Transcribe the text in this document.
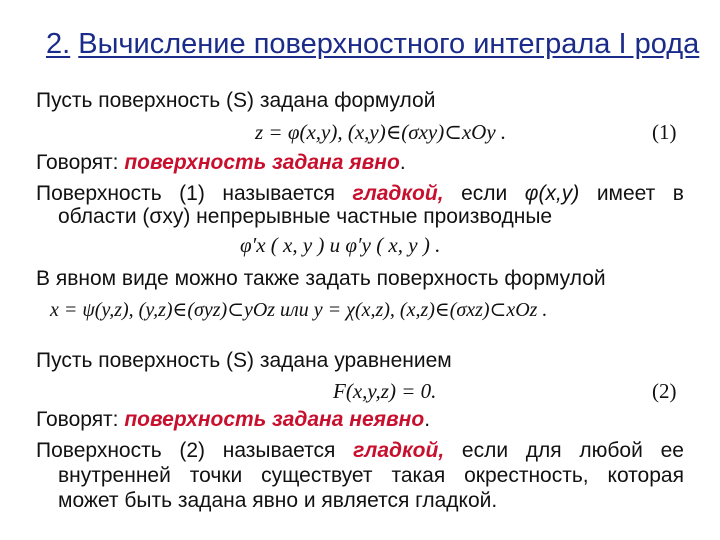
2. Вычисление поверхностного интеграла I рода
Пусть поверхность (S) задана формулой
z = φ(x,y), (x,y)∈(σxy)⊂xOy .	(1)
Говорят: поверхность задана явно.
Поверхность (1) называется гладкой, если φ(x,y) имеет в
области (σxy) непрерывные частные производные
φ′x ( x, y ) и φ′y ( x, y ) .
В явном виде можно также задать поверхность формулой
x = ψ(y,z), (y,z)∈(σyz)⊂yOz или y = χ(x,z), (x,z)∈(σxz)⊂xOz .
Пусть поверхность (S) задана уравнением
F(x,y,z) = 0.	(2)
Говорят: поверхность задана неявно.
Поверхность (2) называется гладкой, если для любой ее
внутренней точки существует такая окрестность, которая
может быть задана явно и является гладкой.
